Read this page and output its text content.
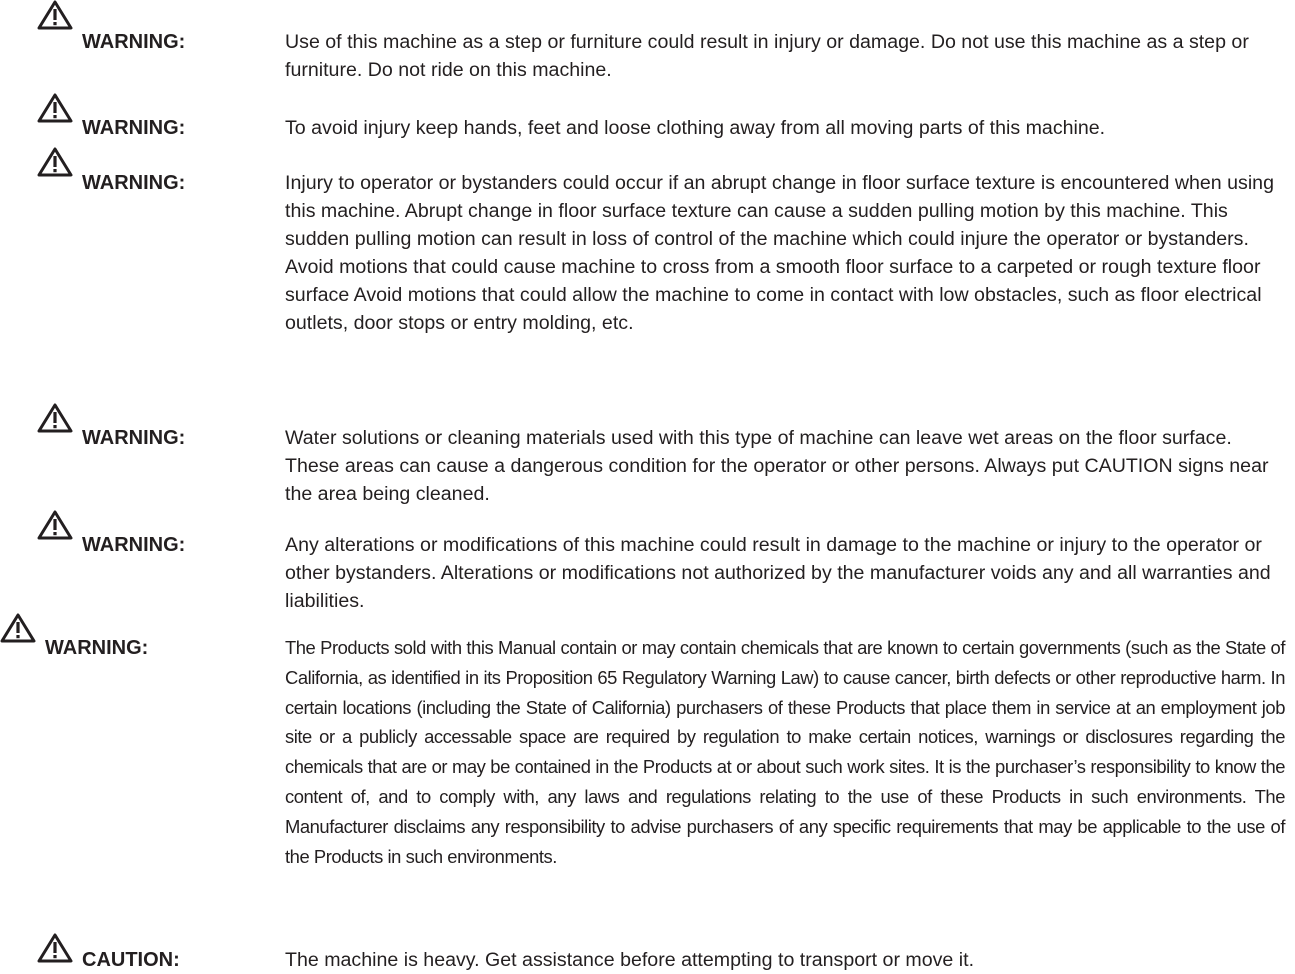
WARNING:	Use of this machine as a step or furniture could result in injury or damage. Do not use this machine as a step or furniture. Do not ride on this machine.

WARNING:	To avoid injury keep hands, feet and loose clothing away from all moving parts of this machine.

WARNING:	Injury to operator or bystanders could occur if an abrupt change in floor surface texture is encountered when using this machine. Abrupt change in floor surface texture can cause a sudden pulling motion by this machine. This sudden pulling motion can result in loss of control of the machine which could injure the operator or bystanders. Avoid motions that could cause machine to cross from a smooth floor surface to a carpeted or rough texture floor surface Avoid motions that could allow the machine to come in contact with low obstacles, such as floor electrical outlets, door stops or entry molding, etc.

WARNING:	Water solutions or cleaning materials used with this type of machine can leave wet areas on the floor surface. These areas can cause a dangerous condition for the operator or other persons. Always put CAUTION signs near the area being cleaned.

WARNING:	Any alterations or modifications of this machine could result in damage to the machine or injury to the operator or other bystanders. Alterations or modifications not authorized by the manufacturer voids any and all warranties and liabilities.

WARNING:	The Products sold with this Manual contain or may contain chemicals that are known to certain governments (such as the State of California, as identified in its Proposition 65 Regulatory Warning Law) to cause cancer, birth defects or other reproductive harm. In certain locations (including the State of California) purchasers of these Products that place them in service at an employment job site or a publicly accessable space are required by regulation to make certain notices, warnings or disclosures regarding the chemicals that are or may be contained in the Products at or about such work sites. It is the purchaser’s responsibility to know the content of, and to comply with, any laws and regulations relating to the use of these Products in such environments. The Manufacturer disclaims any responsibility to advise purchasers of any specific requirements that may be applicable to the use of the Products in such environments.

CAUTION:	The machine is heavy. Get assistance before attempting to transport or move it.
